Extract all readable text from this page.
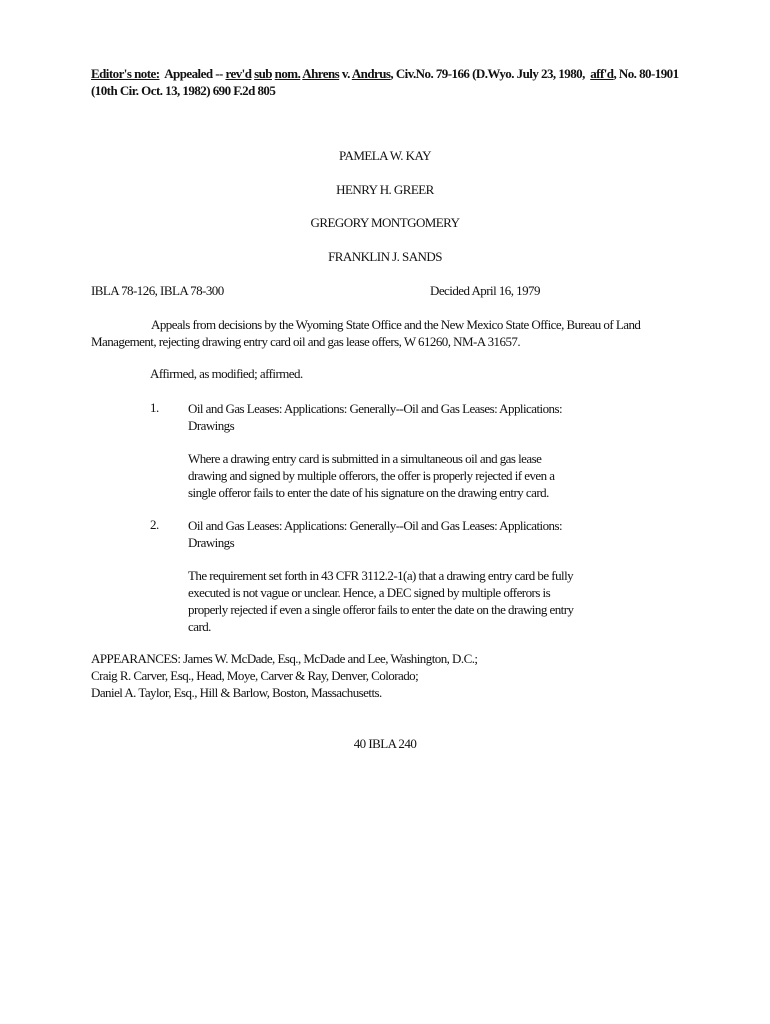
Editor's note: Appealed -- rev'd sub nom. Ahrens v. Andrus, Civ.No. 79-166 (D.Wyo. July 23, 1980, aff'd, No. 80-1901 (10th Cir. Oct. 13, 1982) 690 F.2d 805
PAMELA W. KAY
HENRY H. GREER
GREGORY MONTGOMERY
FRANKLIN J. SANDS
IBLA 78-126, IBLA 78-300	Decided April 16, 1979
Appeals from decisions by the Wyoming State Office and the New Mexico State Office, Bureau of Land Management, rejecting drawing entry card oil and gas lease offers, W 61260, NM-A 31657.
Affirmed, as modified; affirmed.
1. Oil and Gas Leases: Applications: Generally--Oil and Gas Leases: Applications: Drawings
Where a drawing entry card is submitted in a simultaneous oil and gas lease drawing and signed by multiple offerors, the offer is properly rejected if even a single offeror fails to enter the date of his signature on the drawing entry card.
2. Oil and Gas Leases: Applications: Generally--Oil and Gas Leases: Applications: Drawings
The requirement set forth in 43 CFR 3112.2-1(a) that a drawing entry card be fully executed is not vague or unclear. Hence, a DEC signed by multiple offerors is properly rejected if even a single offeror fails to enter the date on the drawing entry card.
APPEARANCES: James W. McDade, Esq., McDade and Lee, Washington, D.C.;
Craig R. Carver, Esq., Head, Moye, Carver & Ray, Denver, Colorado;
Daniel A. Taylor, Esq., Hill & Barlow, Boston, Massachusetts.
40 IBLA 240
